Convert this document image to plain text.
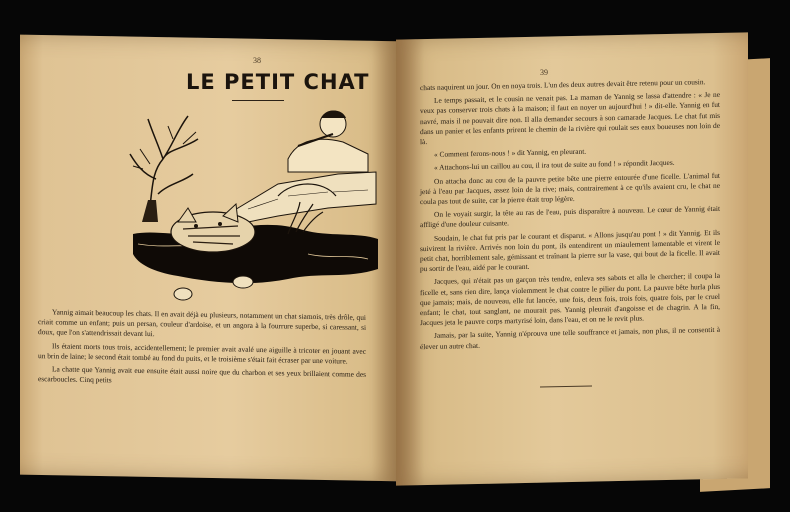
38
39
LE PETIT CHAT

Yannig aimait beaucoup les chats. Il en avait déjà eu plusieurs, notamment un chat siamois, très drôle, qui criait comme un enfant; puis un persan, couleur d'ardoise, et un angora à la fourrure superbe, si caressant, si doux, que l'on s'attendrissait devant lui.

Ils étaient morts tous trois, accidentellement; le premier avait avalé une aiguille à tricoter en jouant avec un brin de laine; le second était tombé au fond du puits, et le troisième s'était fait écraser par une voiture.

La chatte que Yannig avait eue ensuite était aussi noire que du charbon et ses yeux brillaient comme des escarboucles. Cinq petits

chats naquirent un jour. On en noya trois. L'un des deux autres devait être retenu pour un cousin.

Le temps passait, et le cousin ne venait pas. La maman de Yannig se lassa d'attendre : « Je ne veux pas conserver trois chats à la maison; il faut en noyer un aujourd'hui ! » dit-elle. Yannig en fut navré, mais il ne pouvait dire non. Il alla demander secours à son camarade Jacques. Le chat fut mis dans un panier et les enfants prirent le chemin de la rivière qui roulait ses eaux boueuses non loin de là.

« Comment ferons-nous ! » dit Yannig, en pleurant.

« Attachons-lui un caillou au cou, il ira tout de suite au fond ! » répondit Jacques.

On attacha donc au cou de la pauvre petite bête une pierre entourée d'une ficelle. L'animal fut jeté à l'eau par Jacques, assez loin de la rive; mais, contrairement à ce qu'ils avaient cru, le chat ne coula pas tout de suite, car la pierre était trop légère.

On le voyait surgir, la tête au ras de l'eau, puis disparaître à nouveau. Le cœur de Yannig était affligé d'une douleur cuisante.

Soudain, le chat fut pris par le courant et disparut. « Allons jusqu'au pont ! » dit Yannig. Et ils suivirent la rivière. Arrivés non loin du pont, ils entendirent un miaulement lamentable et virent le petit chat, horriblement sale, gémissant et traînant la pierre sur la vase, qui bout de la ficelle. Il avait pu sortir de l'eau, aidé par le courant.

Jacques, qui n'était pas un garçon très tendre, enleva ses sabots et alla le chercher; il coupa la ficelle et, sans rien dire, lança violemment le chat contre le pilier du pont. La pauvre bête hurla plus que jamais; mais, de nouveau, elle fut lancée, une fois, deux fois, trois fois, quatre fois, par le cruel enfant; le chat, tout sanglant, ne mourait pas. Yannig pleurait d'angoisse et de chagrin. A la fin, Jacques jeta le pauvre corps martyrisé loin, dans l'eau, et on ne le revit plus.

Jamais, par la suite, Yannig n'éprouva une telle souffrance et jamais, non plus, il ne consentit à élever un autre chat.
